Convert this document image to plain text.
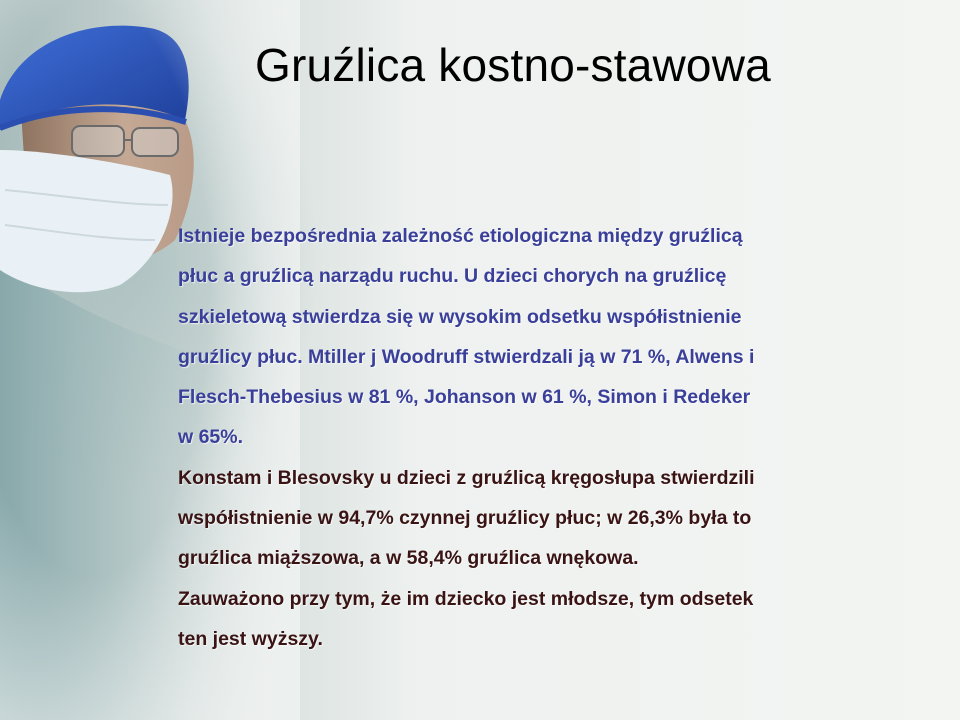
Gruźlica kostno-stawowa

Istnieje bezpośrednia zależność etiologiczna między gruźlicą
płuc a gruźlicą narządu ruchu. U dzieci chorych na gruźlicę
szkieletową stwierdza się w wysokim odsetku współistnienie
gruźlicy płuc. Mtiller j Woodruff stwierdzali ją w 71 %, Alwens i
Flesch-Thebesius w 81 %, Johanson w 61 %, Simon i Redeker
w 65%.

Konstam i Blesovsky u dzieci z gruźlicą kręgosłupa stwierdzili
współistnienie w 94,7% czynnej gruźlicy płuc; w 26,3% była to
gruźlica miąższowa, a w 58,4% gruźlica wnękowa.
Zauważono przy tym, że im dziecko jest młodsze, tym odsetek
ten jest wyższy.
